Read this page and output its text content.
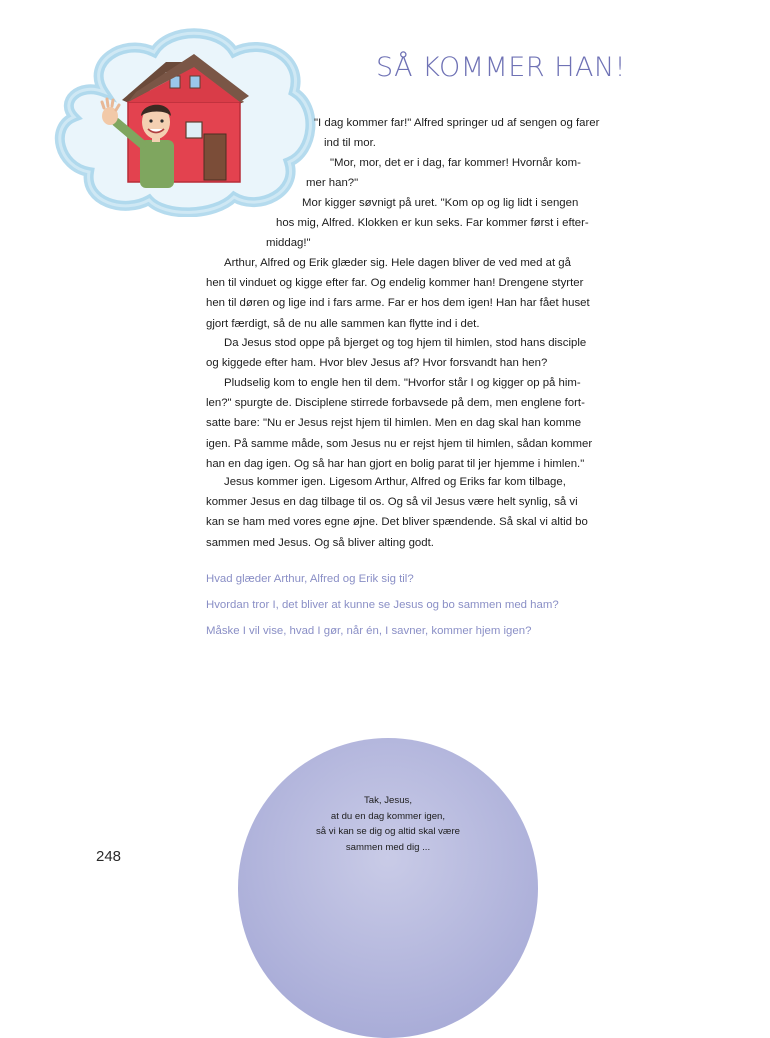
SÅ KOMMER HAN!
"I dag kommer far!" Alfred springer ud af sengen og farer
ind til mor.
"Mor, mor, det er i dag, far kommer! Hvornår kom-
mer han?"
Mor kigger søvnigt på uret. "Kom op og lig lidt i sengen
hos mig, Alfred. Klokken er kun seks. Far kommer først i efter-
middag!"
Arthur, Alfred og Erik glæder sig. Hele dagen bliver de ved med at gå
hen til vinduet og kigge efter far. Og endelig kommer han! Drengene styrter
hen til døren og lige ind i fars arme. Far er hos dem igen! Han har fået huset
gjort færdigt, så de nu alle sammen kan flytte ind i det.
Da Jesus stod oppe på bjerget og tog hjem til himlen, stod hans disciple
og kiggede efter ham. Hvor blev Jesus af? Hvor forsvandt han hen?
Pludselig kom to engle hen til dem. "Hvorfor står I og kigger op på him-
len?" spurgte de. Disciplene stirrede forbavsede på dem, men englene fort-
satte bare: "Nu er Jesus rejst hjem til himlen. Men en dag skal han komme
igen. På samme måde, som Jesus nu er rejst hjem til himlen, sådan kommer
han en dag igen. Og så har han gjort en bolig parat til jer hjemme i himlen."
Jesus kommer igen. Ligesom Arthur, Alfred og Eriks far kom tilbage,
kommer Jesus en dag tilbage til os. Og så vil Jesus være helt synlig, så vi
kan se ham med vores egne øjne. Det bliver spændende. Så skal vi altid bo
sammen med Jesus. Og så bliver alting godt.
Hvad glæder Arthur, Alfred og Erik sig til?
Hvordan tror I, det bliver at kunne se Jesus og bo sammen med ham?
Måske I vil vise, hvad I gør, når én, I savner, kommer hjem igen?
Tak, Jesus,
at du en dag kommer igen,
så vi kan se dig og altid skal være
sammen med dig ...
248
